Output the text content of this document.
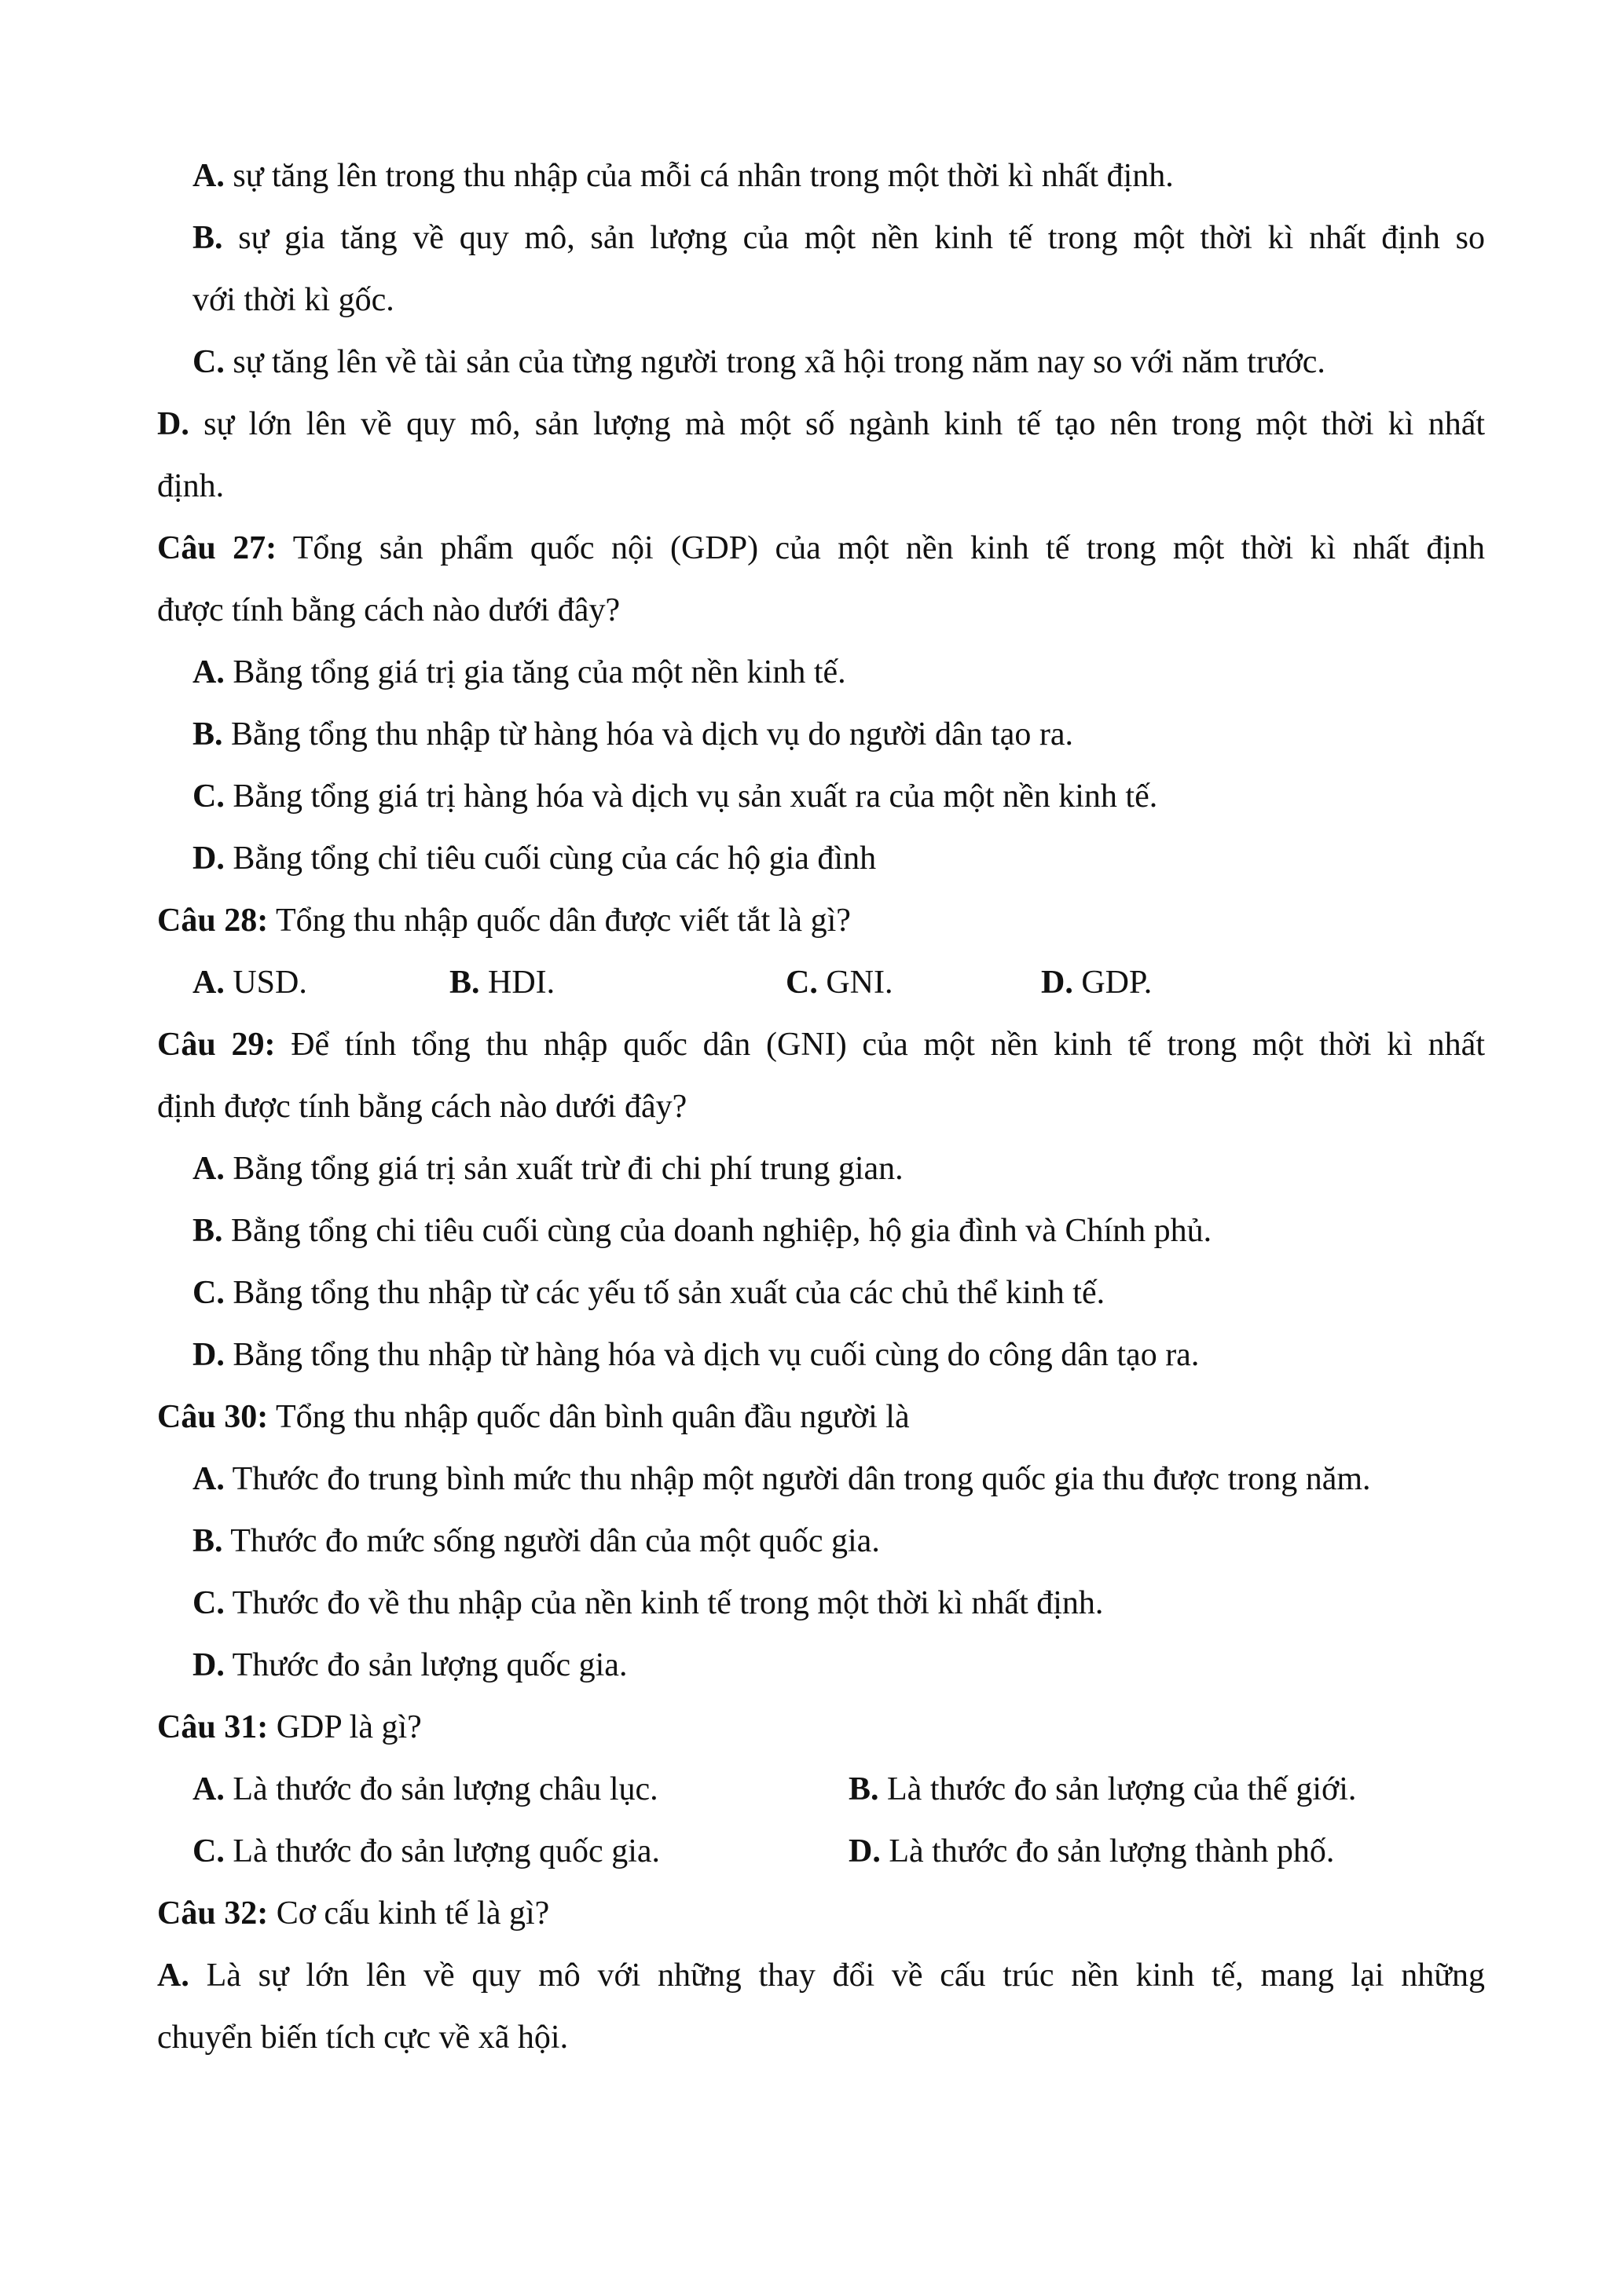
A. sự tăng lên trong thu nhập của mỗi cá nhân trong một thời kì nhất định.
B. sự gia tăng về quy mô, sản lượng của một nền kinh tế trong một thời kì nhất định so
với thời kì gốc.
C. sự tăng lên về tài sản của từng người trong xã hội trong năm nay so với năm trước.
D. sự lớn lên về quy mô, sản lượng mà một số ngành kinh tế tạo nên trong một thời kì nhất
định.
Câu 27: Tổng sản phẩm quốc nội (GDP) của một nền kinh tế trong một thời kì nhất định
được tính bằng cách nào dưới đây?
A. Bằng tổng giá trị gia tăng của một nền kinh tế.
B. Bằng tổng thu nhập từ hàng hóa và dịch vụ do người dân tạo ra.
C. Bằng tổng giá trị hàng hóa và dịch vụ sản xuất ra của một nền kinh tế.
D. Bằng tổng chỉ tiêu cuối cùng của các hộ gia đình
Câu 28: Tổng thu nhập quốc dân được viết tắt là gì?
A. USD.	B. HDI.	C. GNI.	D. GDP.
Câu 29: Để tính tổng thu nhập quốc dân (GNI) của một nền kinh tế trong một thời kì nhất
định được tính bằng cách nào dưới đây?
A. Bằng tổng giá trị sản xuất trừ đi chi phí trung gian.
B. Bằng tổng chi tiêu cuối cùng của doanh nghiệp, hộ gia đình và Chính phủ.
C. Bằng tổng thu nhập từ các yếu tố sản xuất của các chủ thể kinh tế.
D. Bằng tổng thu nhập từ hàng hóa và dịch vụ cuối cùng do công dân tạo ra.
Câu 30: Tổng thu nhập quốc dân bình quân đầu người là
A. Thước đo trung bình mức thu nhập một người dân trong quốc gia thu được trong năm.
B. Thước đo mức sống người dân của một quốc gia.
C. Thước đo về thu nhập của nền kinh tế trong một thời kì nhất định.
D. Thước đo sản lượng quốc gia.
Câu 31: GDP là gì?
A. Là thước đo sản lượng châu lục.	B. Là thước đo sản lượng của thế giới.
C. Là thước đo sản lượng quốc gia.	D. Là thước đo sản lượng thành phố.
Câu 32: Cơ cấu kinh tế là gì?
A. Là sự lớn lên về quy mô với những thay đổi về cấu trúc nền kinh tế, mang lại những
chuyển biến tích cực về xã hội.
